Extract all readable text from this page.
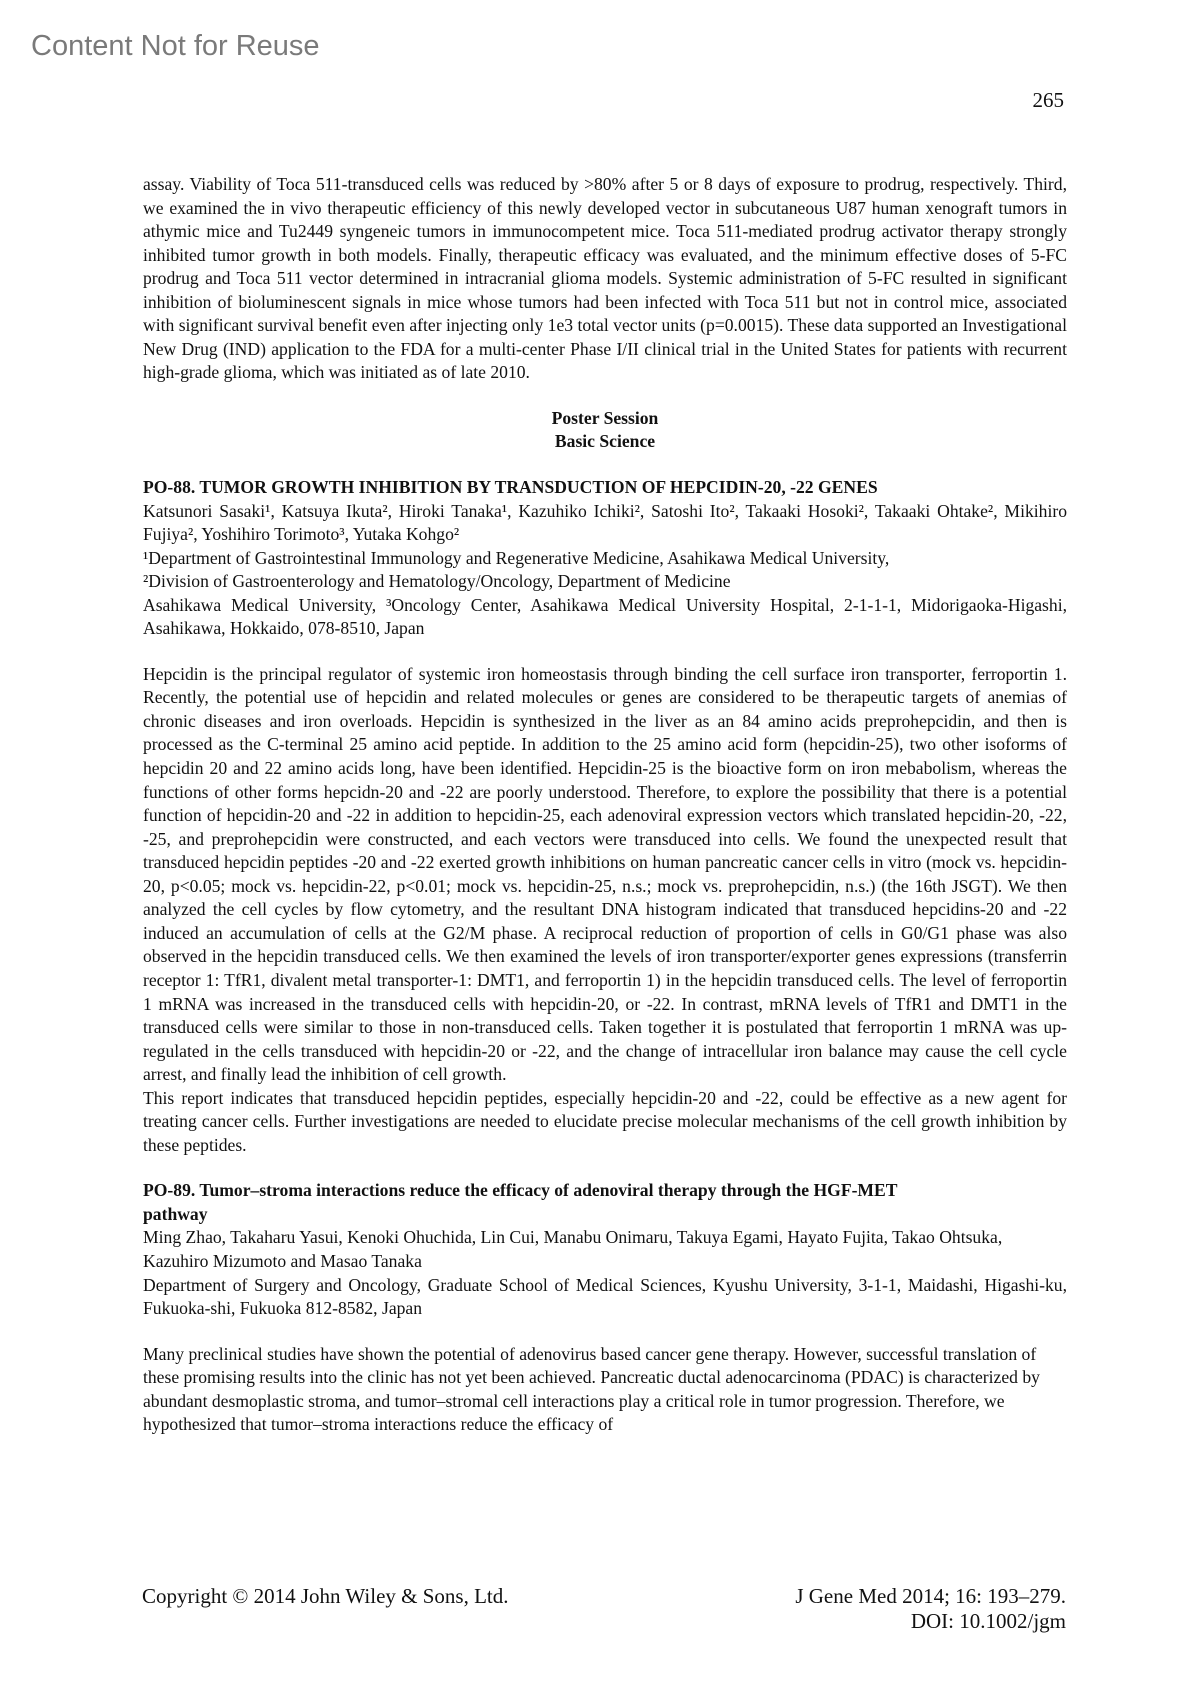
Content Not for Reuse
265

assay. Viability of Toca 511-transduced cells was reduced by >80% after 5 or 8 days of exposure to prodrug, respectively. Third, we examined the in vivo therapeutic efficiency of this newly developed vector in subcutaneous U87 human xenograft tumors in athymic mice and Tu2449 syngeneic tumors in immunocompetent mice. Toca 511-mediated prodrug activator therapy strongly inhibited tumor growth in both models. Finally, therapeutic efficacy was evaluated, and the minimum effective doses of 5-FC prodrug and Toca 511 vector determined in intracranial glioma models. Systemic administration of 5-FC resulted in significant inhibition of bioluminescent signals in mice whose tumors had been infected with Toca 511 but not in control mice, associated with significant survival benefit even after injecting only 1e3 total vector units (p=0.0015). These data supported an Investigational New Drug (IND) application to the FDA for a multi-center Phase I/II clinical trial in the United States for patients with recurrent high-grade glioma, which was initiated as of late 2010.

Poster Session

Basic Science

PO-88. TUMOR GROWTH INHIBITION BY TRANSDUCTION OF HEPCIDIN-20, -22 GENES

Katsunori Sasaki¹, Katsuya Ikuta², Hiroki Tanaka¹, Kazuhiko Ichiki², Satoshi Ito², Takaaki Hosoki², Takaaki Ohtake², Mikihiro Fujiya², Yoshihiro Torimoto³, Yutaka Kohgo²

¹Department of Gastrointestinal Immunology and Regenerative Medicine, Asahikawa Medical University,

²Division of Gastroenterology and Hematology/Oncology, Department of Medicine

Asahikawa Medical University, ³Oncology Center, Asahikawa Medical University Hospital, 2-1-1-1, Midorigaoka-Higashi, Asahikawa, Hokkaido, 078-8510, Japan

Hepcidin is the principal regulator of systemic iron homeostasis through binding the cell surface iron transporter, ferroportin 1. Recently, the potential use of hepcidin and related molecules or genes are considered to be therapeutic targets of anemias of chronic diseases and iron overloads. Hepcidin is synthesized in the liver as an 84 amino acids preprohepcidin, and then is processed as the C-terminal 25 amino acid peptide. In addition to the 25 amino acid form (hepcidin-25), two other isoforms of hepcidin 20 and 22 amino acids long, have been identified. Hepcidin-25 is the bioactive form on iron mebabolism, whereas the functions of other forms hepcidn-20 and -22 are poorly understood. Therefore, to explore the possibility that there is a potential function of hepcidin-20 and -22 in addition to hepcidin-25, each adenoviral expression vectors which translated hepcidin-20, -22, -25, and preprohepcidin were constructed, and each vectors were transduced into cells. We found the unexpected result that transduced hepcidin peptides -20 and -22 exerted growth inhibitions on human pancreatic cancer cells in vitro (mock vs. hepcidin-20, p<0.05; mock vs. hepcidin-22, p<0.01; mock vs. hepcidin-25, n.s.; mock vs. preprohepcidin, n.s.) (the 16th JSGT). We then analyzed the cell cycles by flow cytometry, and the resultant DNA histogram indicated that transduced hepcidins-20 and -22 induced an accumulation of cells at the G2/M phase. A reciprocal reduction of proportion of cells in G0/G1 phase was also observed in the hepcidin transduced cells. We then examined the levels of iron transporter/exporter genes expressions (transferrin receptor 1: TfR1, divalent metal transporter-1: DMT1, and ferroportin 1) in the hepcidin transduced cells. The level of ferroportin 1 mRNA was increased in the transduced cells with hepcidin-20, or -22. In contrast, mRNA levels of TfR1 and DMT1 in the transduced cells were similar to those in non-transduced cells. Taken together it is postulated that ferroportin 1 mRNA was up-regulated in the cells transduced with hepcidin-20 or -22, and the change of intracellular iron balance may cause the cell cycle arrest, and finally lead the inhibition of cell growth.

This report indicates that transduced hepcidin peptides, especially hepcidin-20 and -22, could be effective as a new agent for treating cancer cells. Further investigations are needed to elucidate precise molecular mechanisms of the cell growth inhibition by these peptides.

PO-89. Tumor–stroma interactions reduce the efficacy of adenoviral therapy through the HGF-MET pathway

Ming Zhao, Takaharu Yasui, Kenoki Ohuchida, Lin Cui, Manabu Onimaru, Takuya Egami, Hayato Fujita, Takao Ohtsuka, Kazuhiro Mizumoto and Masao Tanaka

Department of Surgery and Oncology, Graduate School of Medical Sciences, Kyushu University, 3-1-1, Maidashi, Higashi-ku, Fukuoka-shi, Fukuoka 812-8582, Japan

Many preclinical studies have shown the potential of adenovirus based cancer gene therapy. However, successful translation of these promising results into the clinic has not yet been achieved. Pancreatic ductal adenocarcinoma (PDAC) is characterized by abundant desmoplastic stroma, and tumor–stromal cell interactions play a critical role in tumor progression. Therefore, we hypothesized that tumor–stroma interactions reduce the efficacy of

Copyright © 2014 John Wiley & Sons, Ltd.	J Gene Med 2014; 16: 193–279.
DOI: 10.1002/jgm
